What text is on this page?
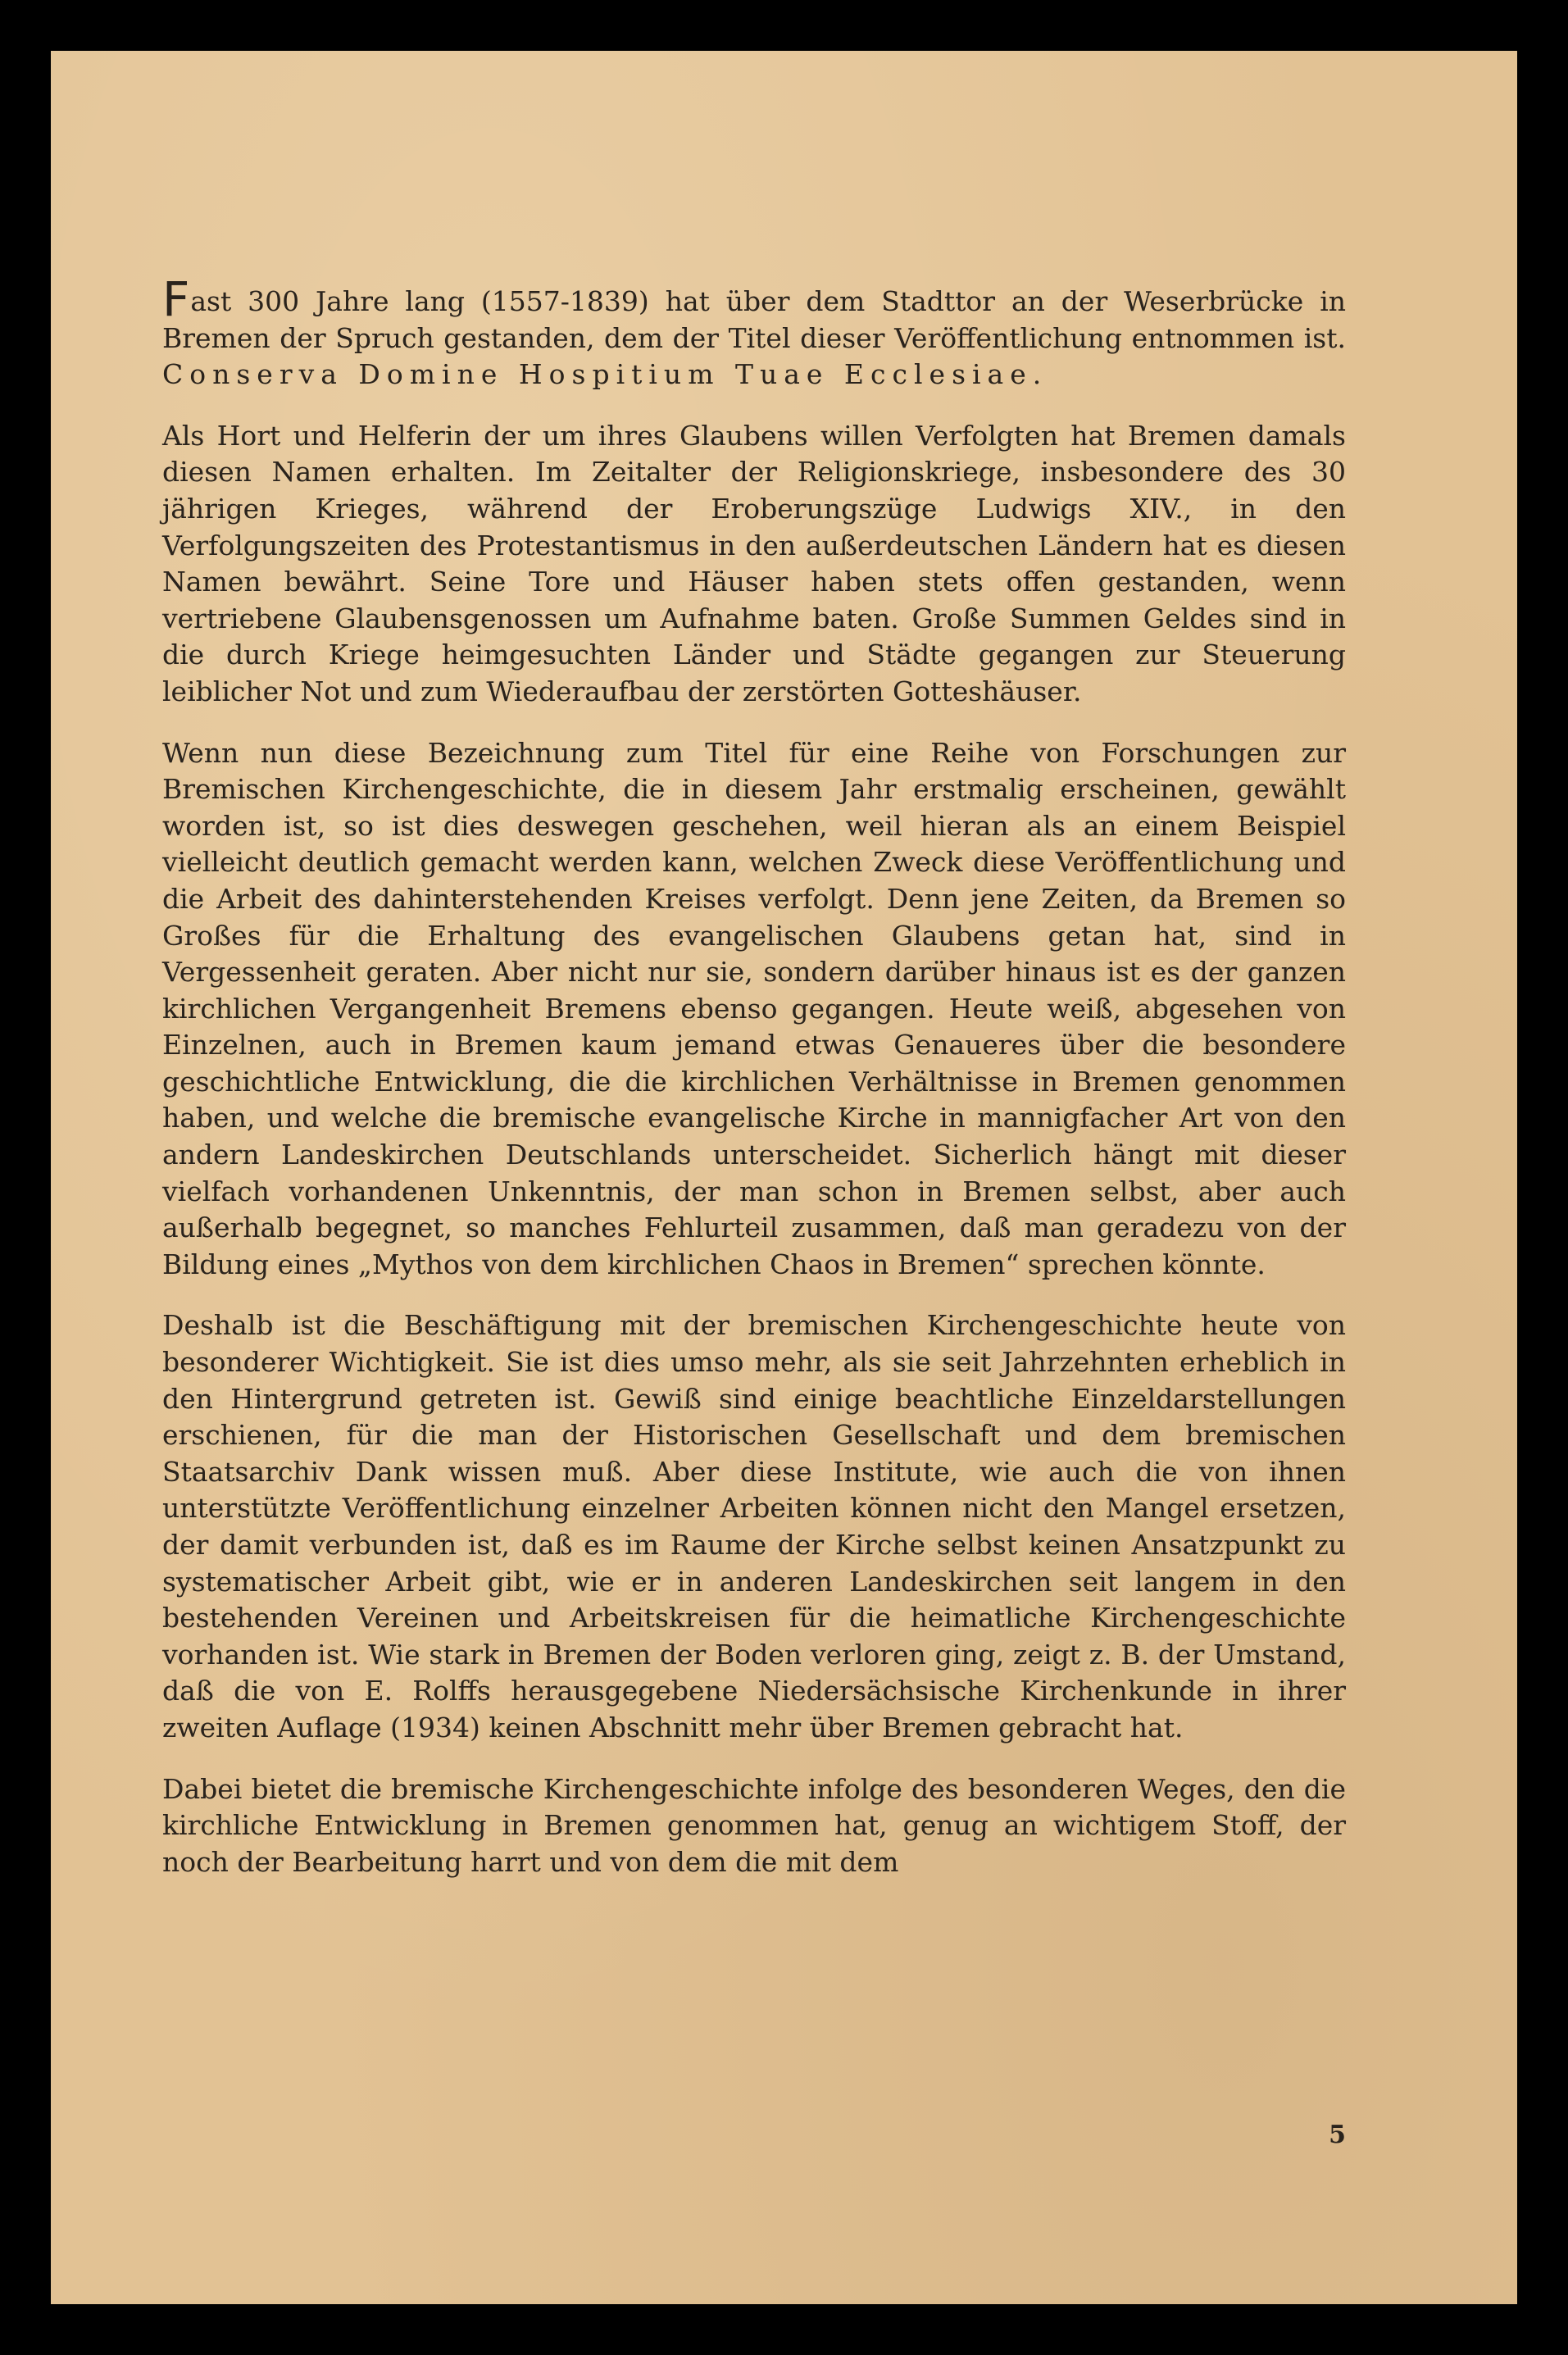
Fast 300 Jahre lang (1557-1839) hat über dem Stadttor an der Weserbrücke in Bremen der Spruch gestanden, dem der Titel dieser Veröffentlichung entnommen ist. Conserva Domine Hospitium Tuae Ecclesiae.

Als Hort und Helferin der um ihres Glaubens willen Verfolgten hat Bremen damals diesen Namen erhalten. Im Zeitalter der Religionskriege, insbesondere des 30 jährigen Krieges, während der Eroberungszüge Ludwigs XIV., in den Verfolgungszeiten des Protestantismus in den außerdeutschen Ländern hat es diesen Namen bewährt. Seine Tore und Häuser haben stets offen gestanden, wenn vertriebene Glaubensgenossen um Aufnahme baten. Große Summen Geldes sind in die durch Kriege heimgesuchten Länder und Städte gegangen zur Steuerung leiblicher Not und zum Wiederaufbau der zerstörten Gotteshäuser.

Wenn nun diese Bezeichnung zum Titel für eine Reihe von Forschungen zur Bremischen Kirchengeschichte, die in diesem Jahr erstmalig erscheinen, gewählt worden ist, so ist dies deswegen geschehen, weil hieran als an einem Beispiel vielleicht deutlich gemacht werden kann, welchen Zweck diese Veröffentlichung und die Arbeit des dahinterstehenden Kreises verfolgt. Denn jene Zeiten, da Bremen so Großes für die Erhaltung des evangelischen Glaubens getan hat, sind in Vergessenheit geraten. Aber nicht nur sie, sondern darüber hinaus ist es der ganzen kirchlichen Vergangenheit Bremens ebenso gegangen. Heute weiß, abgesehen von Einzelnen, auch in Bremen kaum jemand etwas Genaueres über die besondere geschichtliche Entwicklung, die die kirchlichen Verhältnisse in Bremen genommen haben, und welche die bremische evangelische Kirche in mannigfacher Art von den andern Landeskirchen Deutschlands unterscheidet. Sicherlich hängt mit dieser vielfach vorhandenen Unkenntnis, der man schon in Bremen selbst, aber auch außerhalb begegnet, so manches Fehlurteil zusammen, daß man geradezu von der Bildung eines „Mythos von dem kirchlichen Chaos in Bremen“ sprechen könnte.

Deshalb ist die Beschäftigung mit der bremischen Kirchengeschichte heute von besonderer Wichtigkeit. Sie ist dies umso mehr, als sie seit Jahrzehnten erheblich in den Hintergrund getreten ist. Gewiß sind einige beachtliche Einzeldarstellungen erschienen, für die man der Historischen Gesellschaft und dem bremischen Staatsarchiv Dank wissen muß. Aber diese Institute, wie auch die von ihnen unterstützte Veröffentlichung einzelner Arbeiten können nicht den Mangel ersetzen, der damit verbunden ist, daß es im Raume der Kirche selbst keinen Ansatzpunkt zu systematischer Arbeit gibt, wie er in anderen Landeskirchen seit langem in den bestehenden Vereinen und Arbeitskreisen für die heimatliche Kirchengeschichte vorhanden ist. Wie stark in Bremen der Boden verloren ging, zeigt z. B. der Umstand, daß die von E. Rolffs herausgegebene Niedersächsische Kirchenkunde in ihrer zweiten Auflage (1934) keinen Abschnitt mehr über Bremen gebracht hat.

Dabei bietet die bremische Kirchengeschichte infolge des besonderen Weges, den die kirchliche Entwicklung in Bremen genommen hat, genug an wichtigem Stoff, der noch der Bearbeitung harrt und von dem die mit dem

5
